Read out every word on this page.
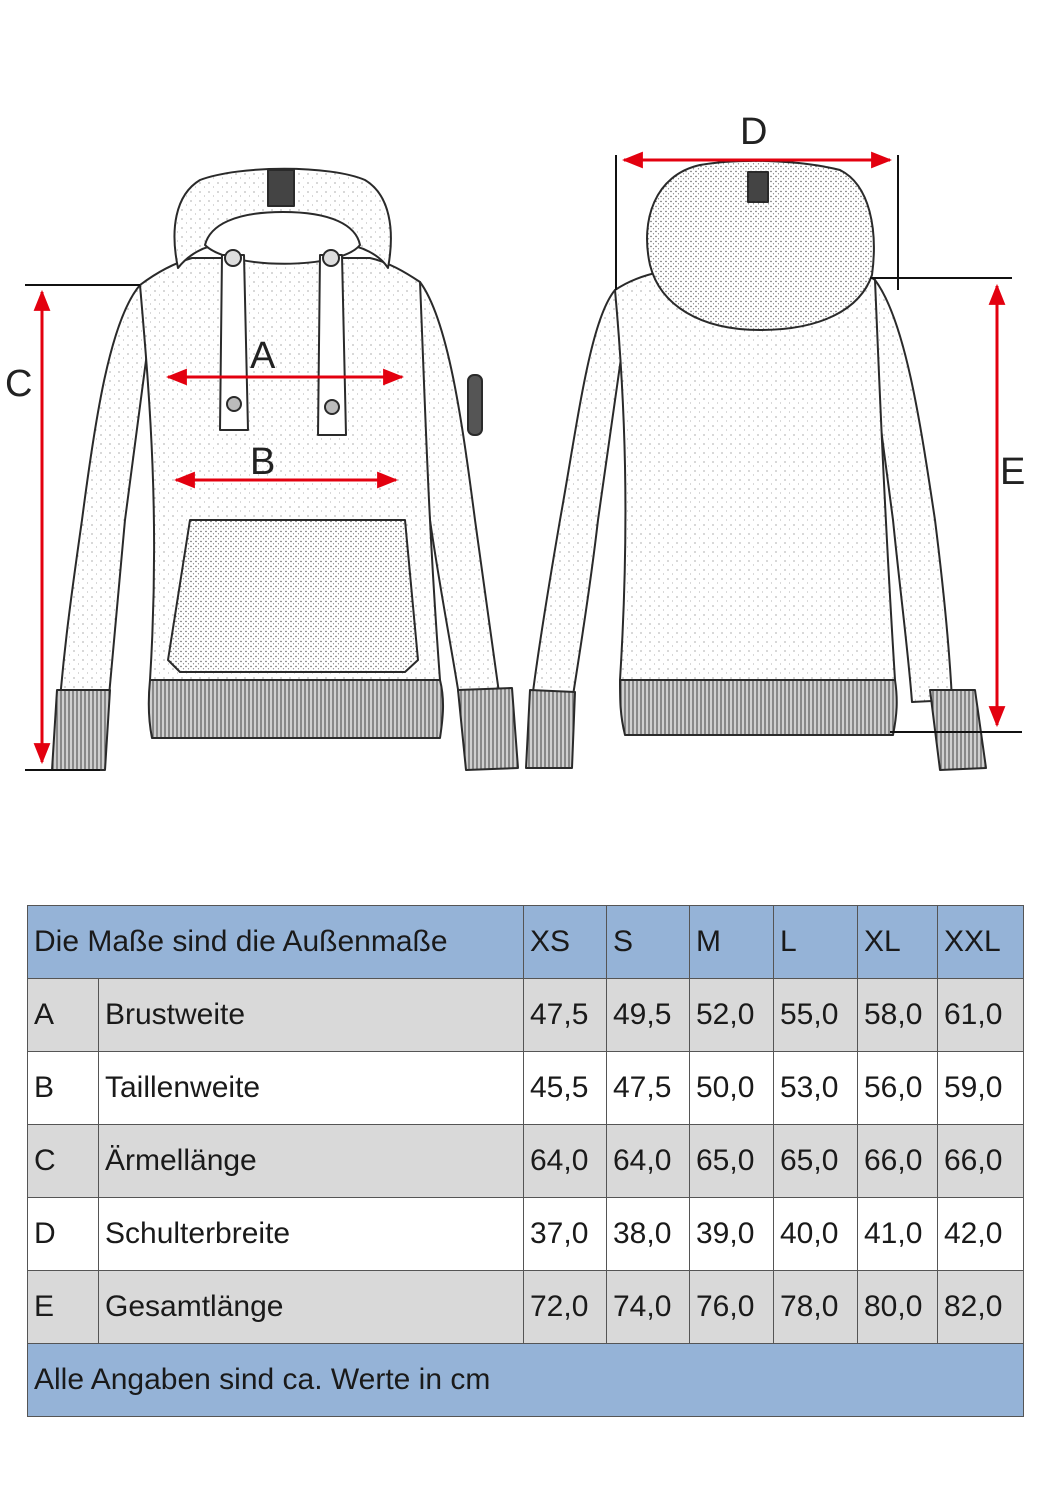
C
A
B
D
E
Die Maße sind die Außenmaße		XS	S	M	L	XL	XXL
A	Brustweite	47,5	49,5	52,0	55,0	58,0	61,0
B	Taillenweite	45,5	47,5	50,0	53,0	56,0	59,0
C	Ärmellänge	64,0	64,0	65,0	65,0	66,0	66,0
D	Schulterbreite	37,0	38,0	39,0	40,0	41,0	42,0
E	Gesamtlänge	72,0	74,0	76,0	78,0	80,0	82,0
Alle Angaben sind ca. Werte in cm							
